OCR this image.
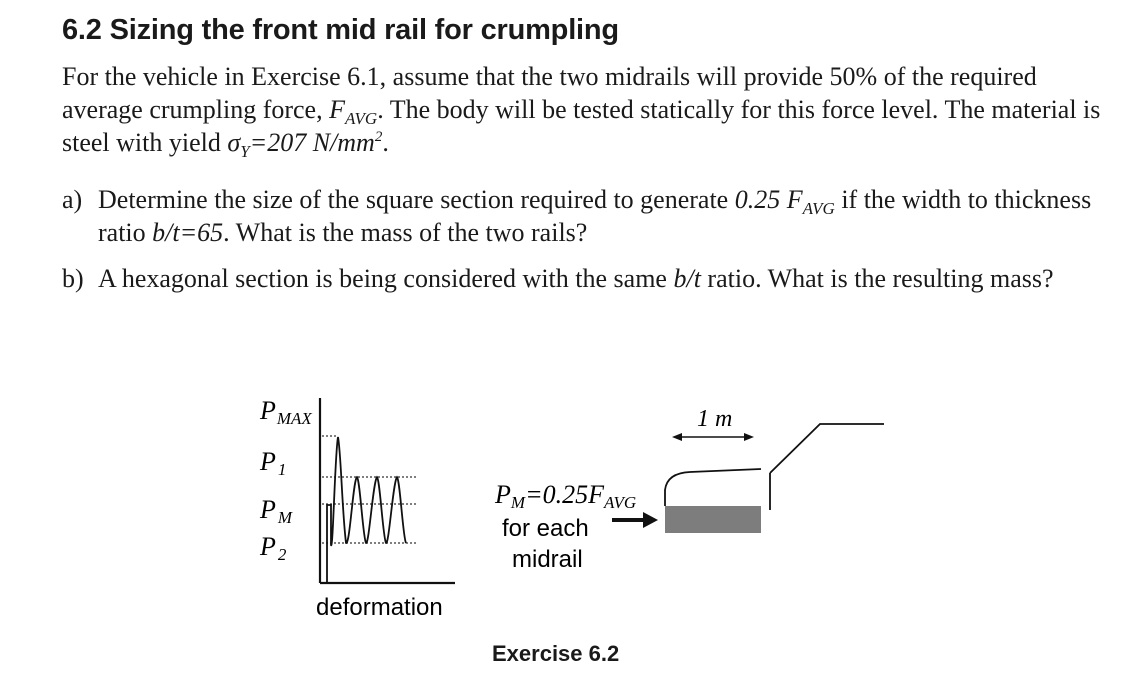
6.2 Sizing the front mid rail for crumpling
For the vehicle in Exercise 6.1, assume that the two midrails will provide 50% of the required average crumpling force, $F_{AVG}$. The body will be tested statically for this force level. The material is steel with yield $\sigma_Y=207$ $N/mm^2$.
a) Determine the size of the square section required to generate 0.25 $F_{AVG}$ if the width to thickness ratio b/t=65. What is the mass of the two rails?
b) A hexagonal section is being considered with the same b/t ratio. What is the resulting mass?
PMAX
P 1
P M
P 2
deformation
PM=0.25FAVG
for each
midrail
1 m
Exercise 6.2
